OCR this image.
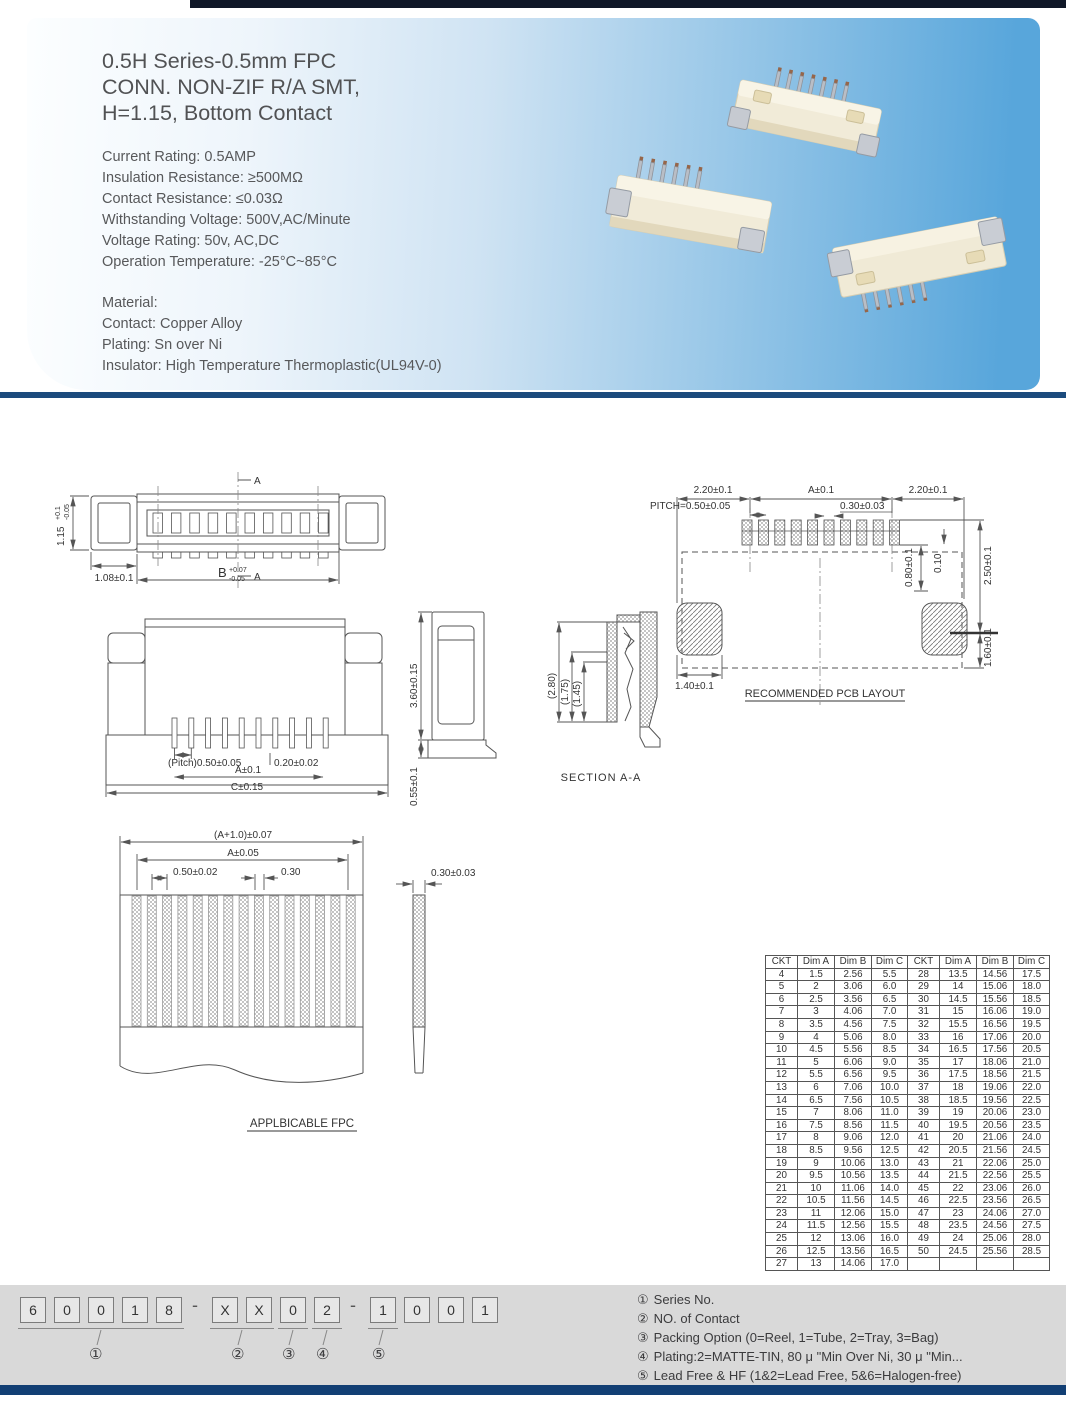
0.5H Series-0.5mm FPC
CONN. NON-ZIF R/A SMT,
H=1.15, Bottom Contact
Current Rating: 0.5AMP
Insulation Resistance: ≥500MΩ
Contact Resistance: ≤0.03Ω
Withstanding Voltage: 500V,AC/Minute
Voltage Rating: 50v, AC,DC
Operation Temperature: -25°C~85°C
Material:
Contact: Copper Alloy
Plating: Sn over Ni
Insulator: High Temperature Thermoplastic(UL94V-0)
A
A
1.15
+0.1 -0.05
1.08±0.1	B +0.07
-0.05
2.20±0.1	A±0.1	2.20±0.1
PITCH=0.50±0.05	0.30±0.03
0.80±0.1 0.10	2.50±0.1
1.60±0.1
1.40±0.1
RECOMMENDED PCB LAYOUT
(Pitch)0.50±0.05	0.20±0.02
A±0.1
C±0.15
3.60±0.15
0.55±0.1
(2.80) (1.75) (1.45)
SECTION A-A
(A+1.0)±0.07
A±0.05
0.50±0.02	0.30	0.30±0.03
APPLBICABLE FPC
CKT	Dim A	Dim B	Dim C	CKT	Dim A	Dim B	Dim C
4	1.5	2.56	5.5	28	13.5	14.56	17.5
5	2	3.06	6.0	29	14	15.06	18.0
6	2.5	3.56	6.5	30	14.5	15.56	18.5
7	3	4.06	7.0	31	15	16.06	19.0
8	3.5	4.56	7.5	32	15.5	16.56	19.5
9	4	5.06	8.0	33	16	17.06	20.0
10	4.5	5.56	8.5	34	16.5	17.56	20.5
11	5	6.06	9.0	35	17	18.06	21.0
12	5.5	6.56	9.5	36	17.5	18.56	21.5
13	6	7.06	10.0	37	18	19.06	22.0
14	6.5	7.56	10.5	38	18.5	19.56	22.5
15	7	8.06	11.0	39	19	20.06	23.0
16	7.5	8.56	11.5	40	19.5	20.56	23.5
17	8	9.06	12.0	41	20	21.06	24.0
18	8.5	9.56	12.5	42	20.5	21.56	24.5
19	9	10.06	13.0	43	21	22.06	25.0
20	9.5	10.56	13.5	44	21.5	22.56	25.5
21	10	11.06	14.0	45	22	23.06	26.0
22	10.5	11.56	14.5	46	22.5	23.56	26.5
23	11	12.06	15.0	47	23	24.06	27.0
24	11.5	12.56	15.5	48	23.5	24.56	27.5
25	12	13.06	16.0	49	24	25.06	28.0
26	12.5	13.56	16.5	50	24.5	25.56	28.5
27	13	14.06	17.0				
①	②	③ ④	⑤
6	0	0	1	8	-	X	X	0	2	-	1	0	0	1
① Series No.
② NO. of Contact
③ Packing Option (0=Reel, 1=Tube, 2=Tray, 3=Bag)
④ Plating:2=MATTE-TIN, 80 μ "Min Over Ni, 30 μ "Min...
⑤ Lead Free & HF (1&2=Lead Free, 5&6=Halogen-free)
